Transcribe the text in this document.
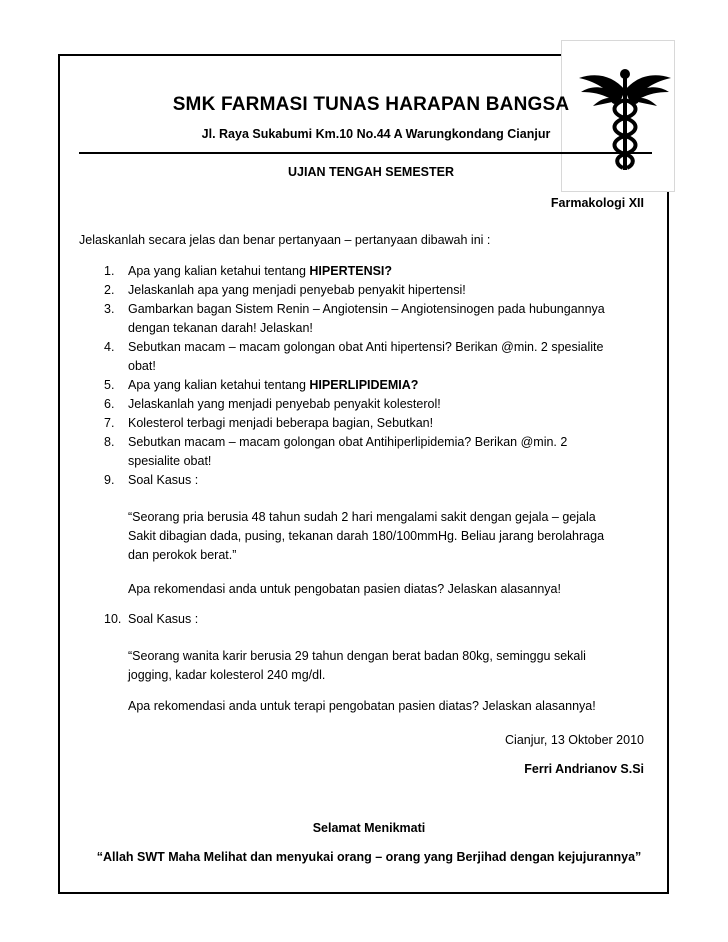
SMK FARMASI TUNAS HARAPAN BANGSA
Jl. Raya Sukabumi Km.10 No.44 A Warungkondang Cianjur
UJIAN TENGAH SEMESTER
Farmakologi XII
Jelaskanlah secara jelas dan benar pertanyaan – pertanyaan dibawah ini :
1.	Apa yang kalian ketahui tentang HIPERTENSI?
2.	Jelaskanlah apa yang menjadi penyebab penyakit hipertensi!
3.	Gambarkan bagan Sistem Renin – Angiotensin – Angiotensinogen pada hubungannya
dengan tekanan darah! Jelaskan!
4.	Sebutkan macam – macam golongan obat Anti hipertensi? Berikan @min. 2 spesialite
obat!
5.	Apa yang kalian ketahui tentang HIPERLIPIDEMIA?
6.	Jelaskanlah yang menjadi penyebab penyakit kolesterol!
7.	Kolesterol terbagi menjadi beberapa bagian, Sebutkan!
8.	Sebutkan macam – macam golongan obat Antihiperlipidemia? Berikan @min. 2
spesialite obat!
9.	Soal Kasus :
“Seorang pria berusia 48 tahun sudah 2 hari mengalami sakit dengan gejala – gejala
Sakit dibagian dada, pusing, tekanan darah 180/100mmHg. Beliau jarang berolahraga
dan perokok berat.”
Apa rekomendasi anda untuk pengobatan pasien diatas? Jelaskan alasannya!
10. Soal Kasus :
“Seorang wanita karir berusia 29 tahun dengan berat badan 80kg, seminggu sekali
jogging, kadar kolesterol 240 mg/dl.
Apa rekomendasi anda untuk terapi pengobatan pasien diatas? Jelaskan alasannya!
Cianjur, 13 Oktober 2010
Ferri Andrianov S.Si
Selamat Menikmati
“Allah SWT Maha Melihat dan menyukai orang – orang yang Berjihad dengan kejujurannya”
